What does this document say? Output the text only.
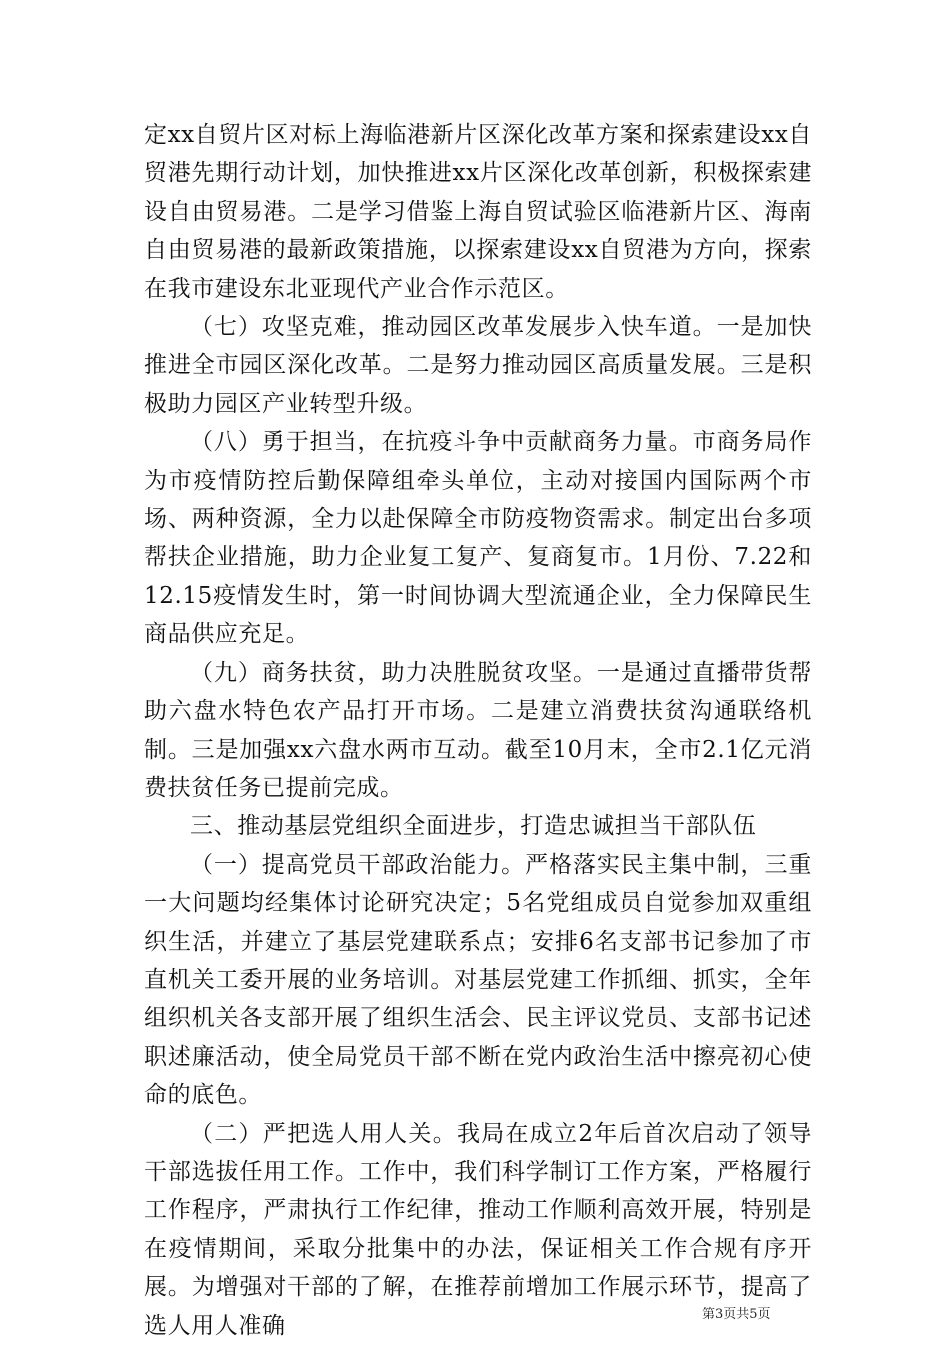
定xx自贸片区对标上海临港新片区深化改革方案和探索建设xx自贸港先期行动计划，加快推进xx片区深化改革创新，积极探索建设自由贸易港。二是学习借鉴上海自贸试验区临港新片区、海南自由贸易港的最新政策措施，以探索建设xx自贸港为方向，探索在我市建设东北亚现代产业合作示范区。

（七）攻坚克难，推动园区改革发展步入快车道。一是加快推进全市园区深化改革。二是努力推动园区高质量发展。三是积极助力园区产业转型升级。

（八）勇于担当，在抗疫斗争中贡献商务力量。市商务局作为市疫情防控后勤保障组牵头单位，主动对接国内国际两个市场、两种资源，全力以赴保障全市防疫物资需求。制定出台多项帮扶企业措施，助力企业复工复产、复商复市。1月份、7.22和12.15疫情发生时，第一时间协调大型流通企业，全力保障民生商品供应充足。

（九）商务扶贫，助力决胜脱贫攻坚。一是通过直播带货帮助六盘水特色农产品打开市场。二是建立消费扶贫沟通联络机制。三是加强xx六盘水两市互动。截至10月末，全市2.1亿元消费扶贫任务已提前完成。

三、推动基层党组织全面进步，打造忠诚担当干部队伍

（一）提高党员干部政治能力。严格落实民主集中制，三重一大问题均经集体讨论研究决定；5名党组成员自觉参加双重组织生活，并建立了基层党建联系点；安排6名支部书记参加了市直机关工委开展的业务培训。对基层党建工作抓细、抓实，全年组织机关各支部开展了组织生活会、民主评议党员、支部书记述职述廉活动，使全局党员干部不断在党内政治生活中擦亮初心使命的底色。

（二）严把选人用人关。我局在成立2年后首次启动了领导干部选拔任用工作。工作中，我们科学制订工作方案，严格履行工作程序，严肃执行工作纪律，推动工作顺利高效开展，特别是在疫情期间，采取分批集中的办法，保证相关工作合规有序开展。为增强对干部的了解，在推荐前增加工作展示环节，提高了选人用人准确	第3页共5页
